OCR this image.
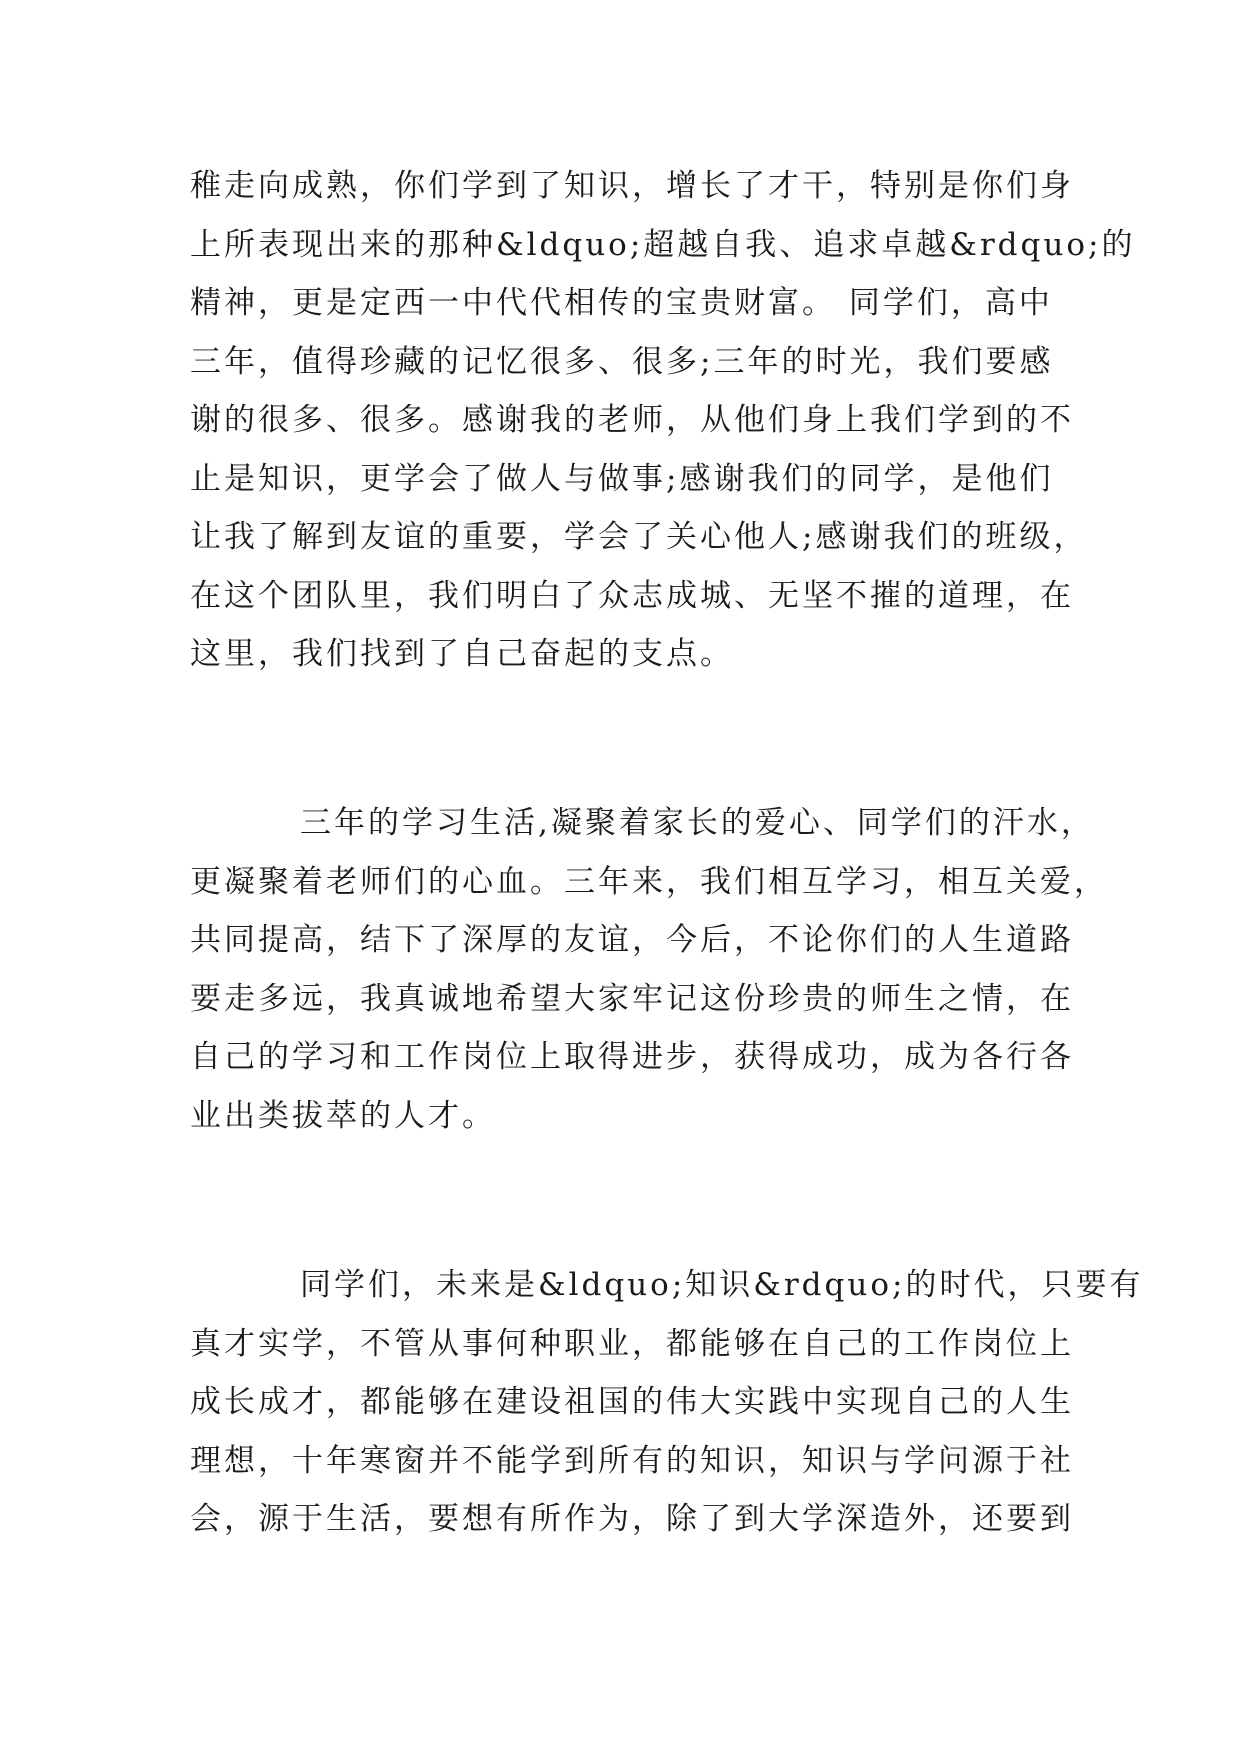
稚走向成熟，你们学到了知识，增长了才干，特别是你们身
上所表现出来的那种&ldquo;超越自我、追求卓越&rdquo;的
精神，更是定西一中代代相传的宝贵财富。 同学们，高中
三年，值得珍藏的记忆很多、很多;三年的时光，我们要感
谢的很多、很多。感谢我的老师，从他们身上我们学到的不
止是知识，更学会了做人与做事;感谢我们的同学，是他们
让我了解到友谊的重要，学会了关心他人;感谢我们的班级，
在这个团队里，我们明白了众志成城、无坚不摧的道理，在
这里，我们找到了自己奋起的支点。
三年的学习生活,凝聚着家长的爱心、同学们的汗水，
更凝聚着老师们的心血。三年来，我们相互学习，相互关爱，
共同提高，结下了深厚的友谊，今后，不论你们的人生道路
要走多远，我真诚地希望大家牢记这份珍贵的师生之情，在
自己的学习和工作岗位上取得进步，获得成功，成为各行各
业出类拔萃的人才。
同学们，未来是&ldquo;知识&rdquo;的时代，只要有
真才实学，不管从事何种职业，都能够在自己的工作岗位上
成长成才，都能够在建设祖国的伟大实践中实现自己的人生
理想，十年寒窗并不能学到所有的知识，知识与学问源于社
会，源于生活，要想有所作为，除了到大学深造外，还要到
